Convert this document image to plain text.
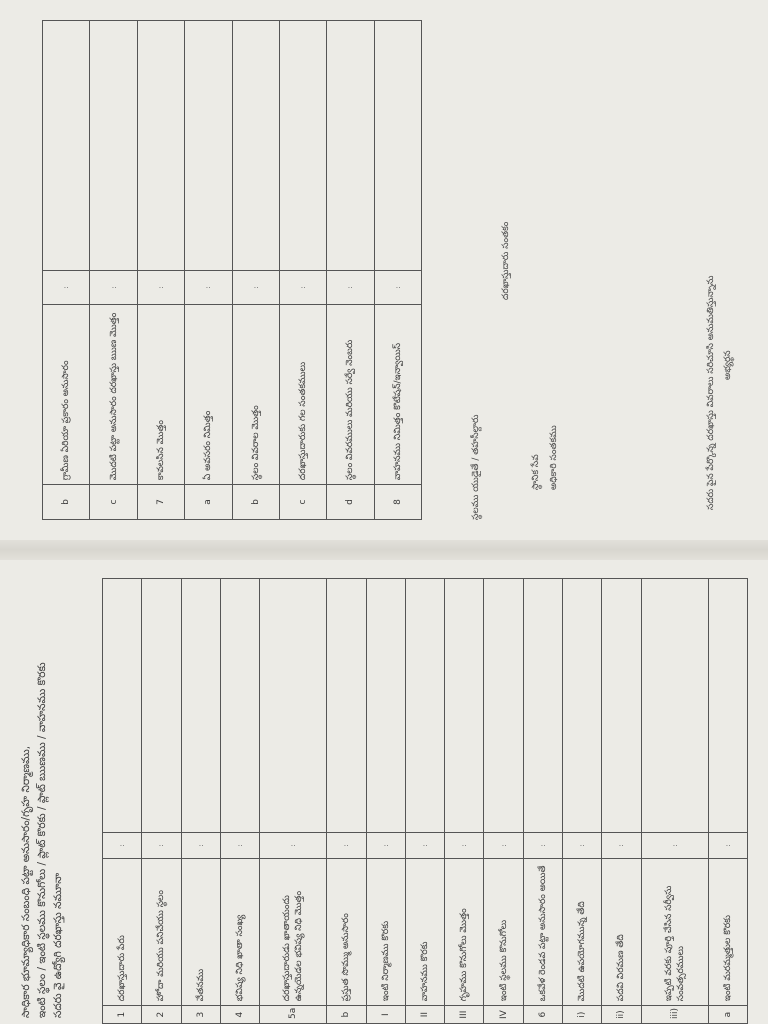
సాధికార భూమ్యాధికార సంబంధి పట్టా అనుసారం/గృహ నిర్మాణము, ఇంటి స్థలం / ఇంటి స్థలము కొనుగోలు / ప్లాట్ కొరకు / ప్లాట్ ఋణము / వాహనము కొరకు సదరు వై ఉద్యోగి దరఖాస్తు నమూనా	1	దరఖాస్తుదారు పేరు	:	
2	హోదా మరియు పనిచేయు స్థలం	:	
3	వేతనము	:	
4	భవిష్య నిధి ఖాతా సంఖ్య	:	
5a	దరఖాస్తుదారుడు ఖాతాయందు ఉన్నయెడల భవిష్య నిధి మొత్తం	:	
b	ప్రస్తుత సొమ్ము అనుసారం	:	
I	ఇంటి నిర్మాణము కొరకు	:	
II	వాహనము కొరకు	:	
III	గృహము కొనుగోలు మొత్తం	:	
IV	ఇంటి స్థలము కొనుగోలు	:	
6	ఒకవేళ రెండవ పట్టా అనుసారం అయితే	:	
i)	మొదటి ఉపయోగమున్న తేది	:	
ii)	పదవి విరమణ తేది	:	
iii)	ఇప్పటి వరకు పూర్తి చేసిన సర్వీసు సంవత్సరములు	:	
a	ఇంటి మరమ్మత్తుల కొరకు	:	
b	గ్రామీణ ఏరియా ప్రకారం అనుసారం	:	
c	మొదటి పట్టా అనుసారం దరఖాస్తు ఋణ మొత్తం	:	
7	కావలసిన మొత్తం	:	
a	ఏ అవసరం నిమిత్తం	:	
b	స్థలం వివరాల మొత్తం	:	
c	దరఖాస్తుదారుకు గల సంతకములు	:	
d	స్థలం వివరములు మరియు సర్వే నెంబరు	:	
8	వాహనము నిమిత్తం కొటేషన్/ఇన్వాయిస్	:	
స్థలము యుడైతే / తహసీల్దారు
దరఖాస్తుదారు సంతకం
స్థానిక సేవ అధికారి సంతకము	సదరు పైన పేర్కొన్న దరఖాస్తు వివరాలు సరిచూసి అనుమతిస్తున్నాను అభ్యర్థన
